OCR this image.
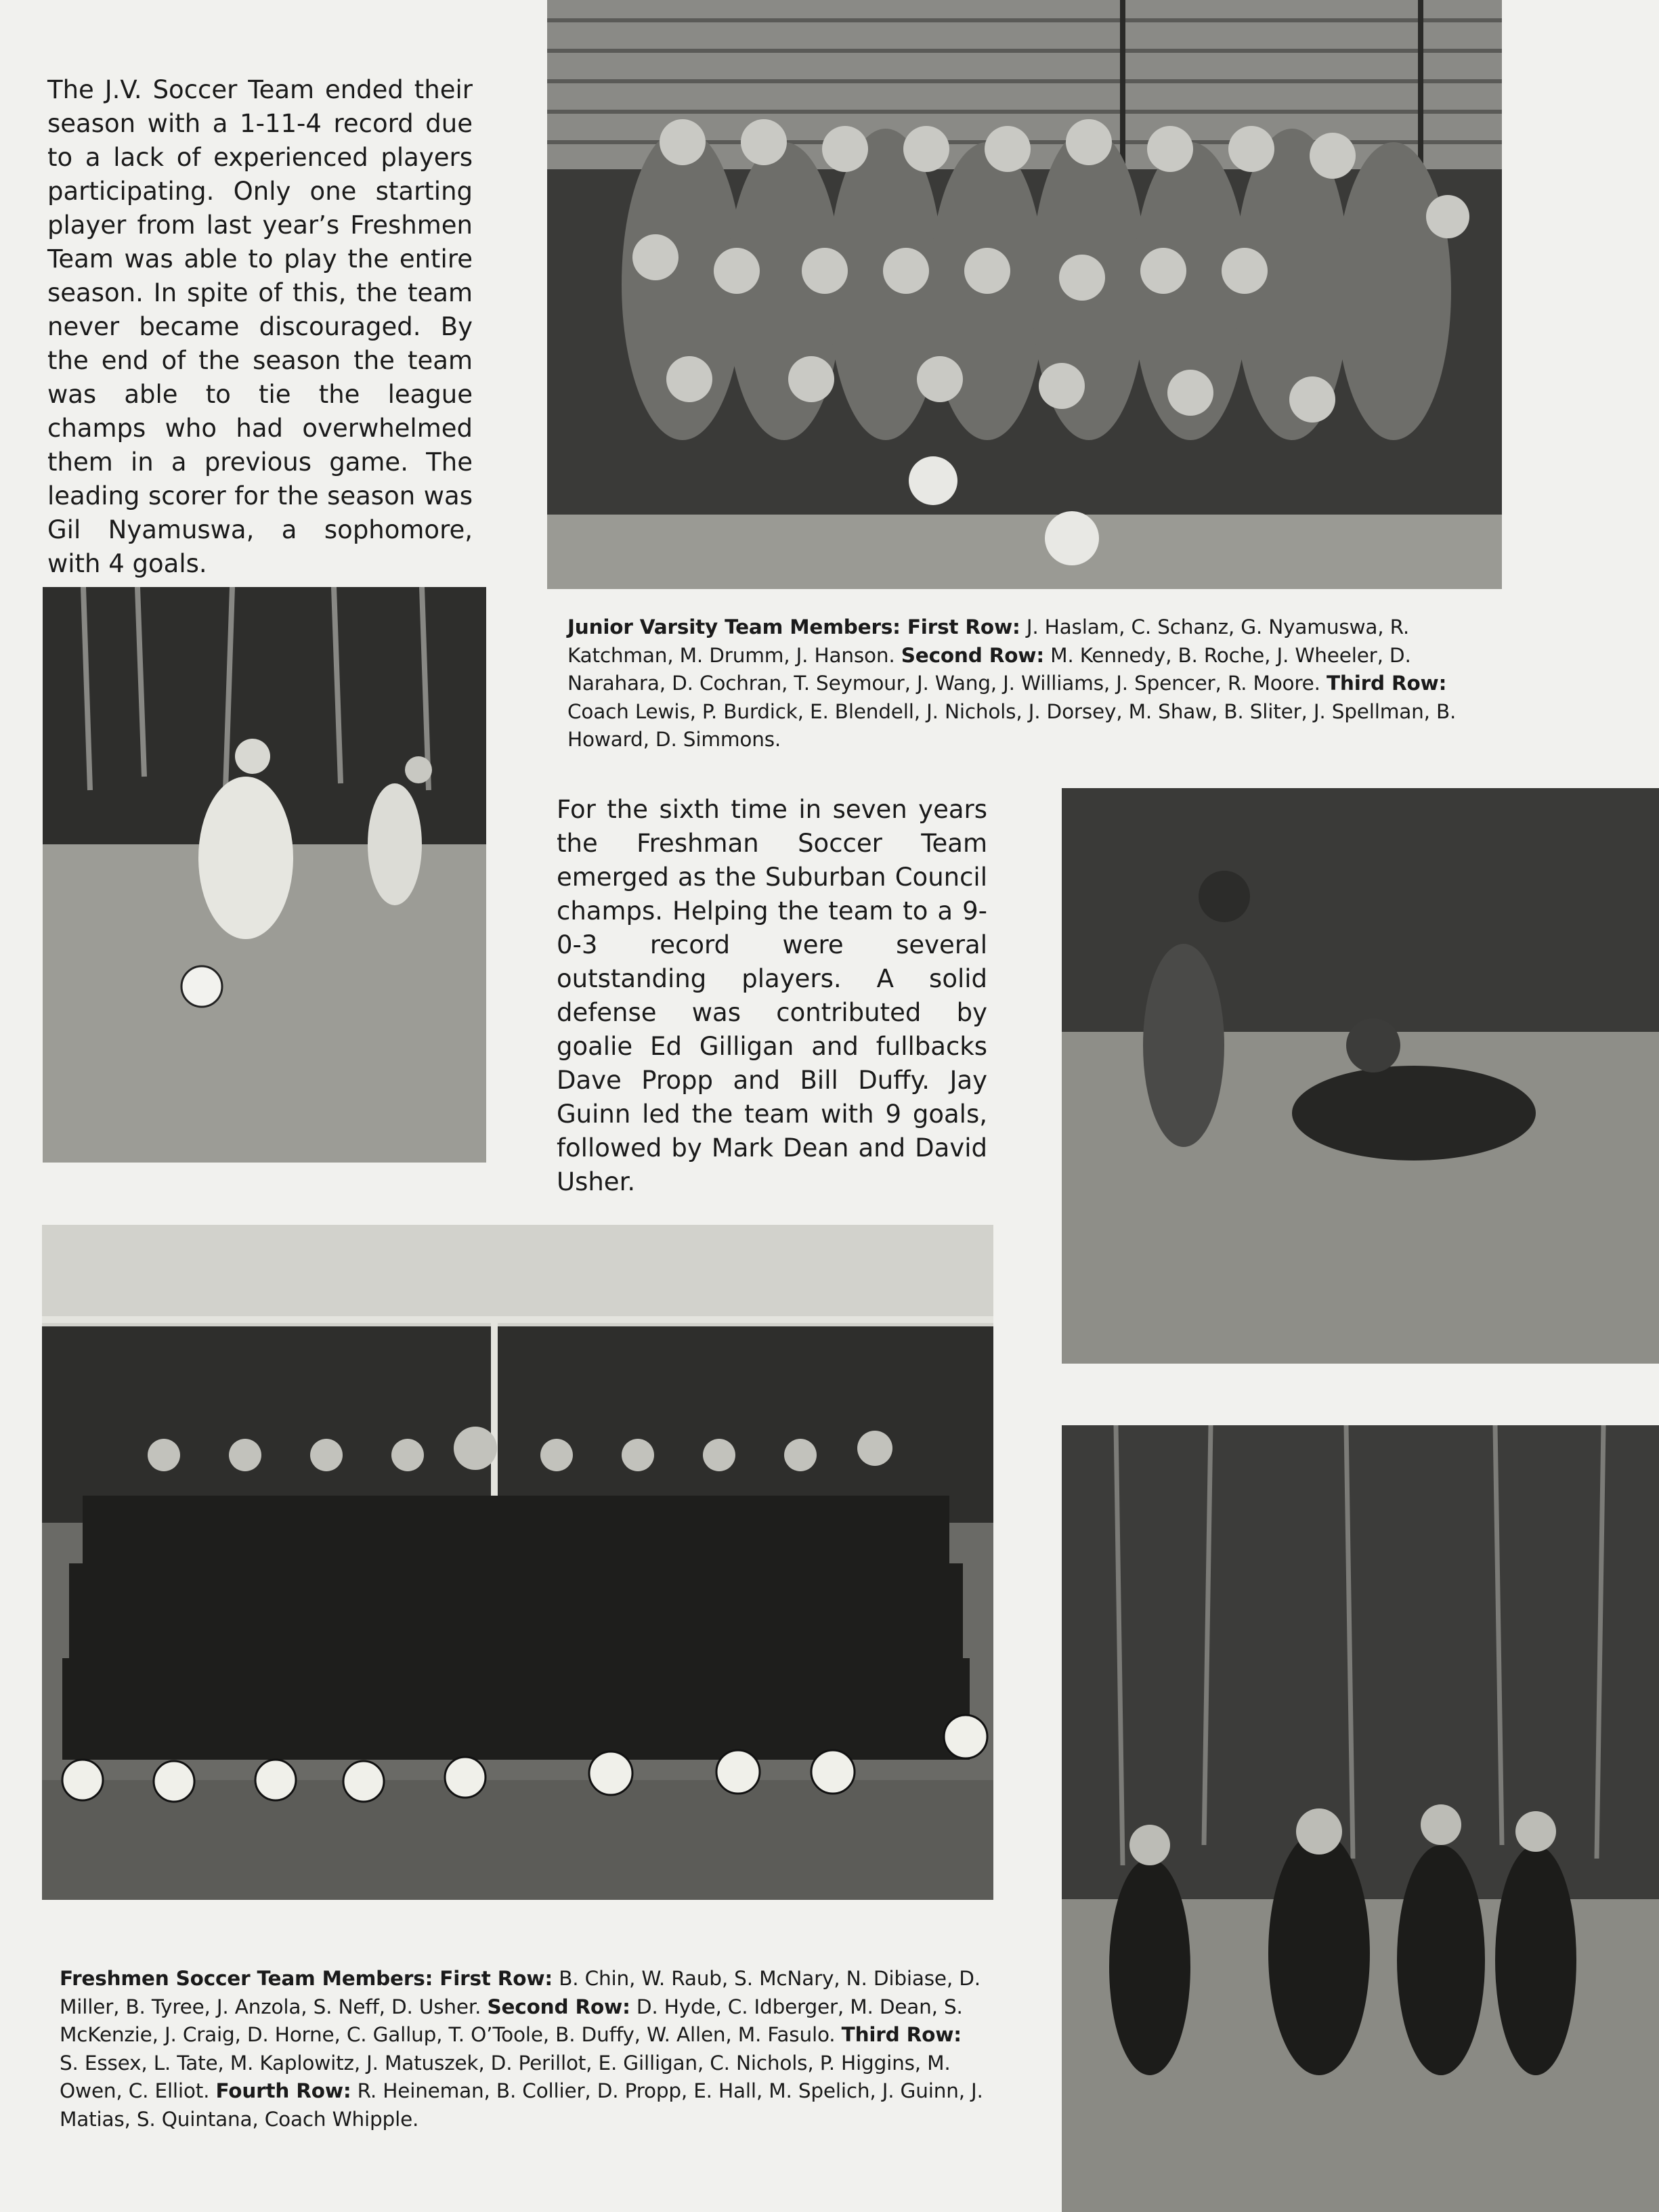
The J.V. Soccer Team ended their season with a 1-11-4 record due to a lack of experienced players participating. Only one starting player from last year’s Freshmen Team was able to play the entire season. In spite of this, the team never became discouraged. By the end of the season the team was able to tie the league champs who had overwhelmed them in a previous game. The leading scorer for the season was Gil Nyamuswa, a sophomore, with 4 goals.
Junior Varsity Team Members: First Row: J. Haslam, C. Schanz, G. Nyamuswa, R. Katchman, M. Drumm, J. Hanson. Second Row: M. Kennedy, B. Roche, J. Wheeler, D. Narahara, D. Cochran, T. Seymour, J. Wang, J. Williams, J. Spencer, R. Moore. Third Row: Coach Lewis, P. Burdick, E. Blendell, J. Nichols, J. Dorsey, M. Shaw, B. Sliter, J. Spellman, B. Howard, D. Simmons.
For the sixth time in seven years the Freshman Soccer Team emerged as the Suburban Council champs. Helping the team to a 9-0-3 record were several outstanding players. A solid defense was contributed by goalie Ed Gilligan and fullbacks Dave Propp and Bill Duffy. Jay Guinn led the team with 9 goals, followed by Mark Dean and David Usher.
Freshmen Soccer Team Members: First Row: B. Chin, W. Raub, S. McNary, N. Dibiase, D. Miller, B. Tyree, J. Anzola, S. Neff, D. Usher. Second Row: D. Hyde, C. Idberger, M. Dean, S. McKenzie, J. Craig, D. Horne, C. Gallup, T. O’Toole, B. Duffy, W. Allen, M. Fasulo. Third Row: S. Essex, L. Tate, M. Kaplowitz, J. Matuszek, D. Perillot, E. Gilligan, C. Nichols, P. Higgins, M. Owen, C. Elliot. Fourth Row: R. Heineman, B. Collier, D. Propp, E. Hall, M. Spelich, J. Guinn, J. Matias, S. Quintana, Coach Whipple.
